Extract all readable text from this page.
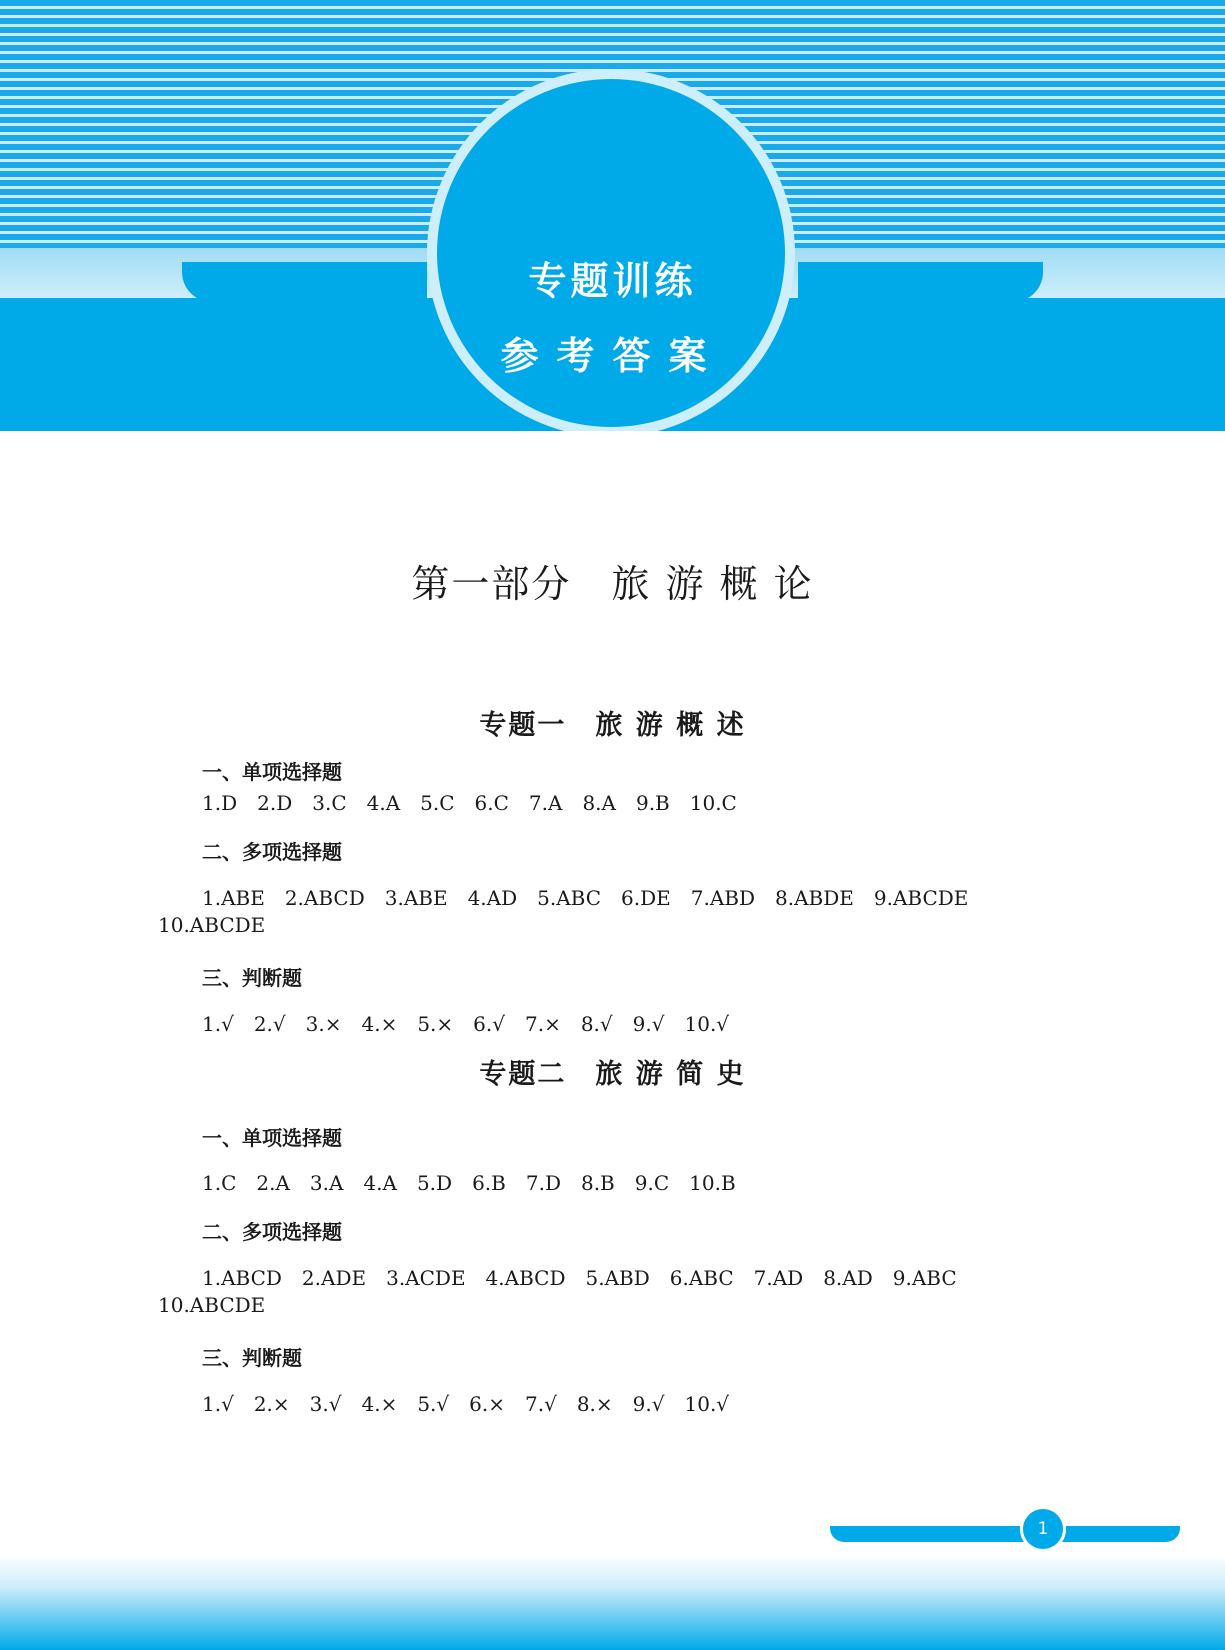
专题训练
参考答案
第一部分　旅 游 概 论
专题一　旅 游 概 述
一、单项选择题
1.D　2.D　3.C　4.A　5.C　6.C　7.A　8.A　9.B　10.C
二、多项选择题
1.ABE　2.ABCD　3.ABE　4.AD　5.ABC　6.DE　7.ABD　8.ABDE　9.ABCDE
10.ABCDE
三、判断题
1.√　2.√　3.×　4.×　5.×　6.√　7.×　8.√　9.√　10.√
专题二　旅 游 简 史
一、单项选择题
1.C　2.A　3.A　4.A　5.D　6.B　7.D　8.B　9.C　10.B
二、多项选择题
1.ABCD　2.ADE　3.ACDE　4.ABCD　5.ABD　6.ABC　7.AD　8.AD　9.ABC
10.ABCDE
三、判断题
1.√　2.×　3.√　4.×　5.√　6.×　7.√　8.×　9.√　10.√
1
